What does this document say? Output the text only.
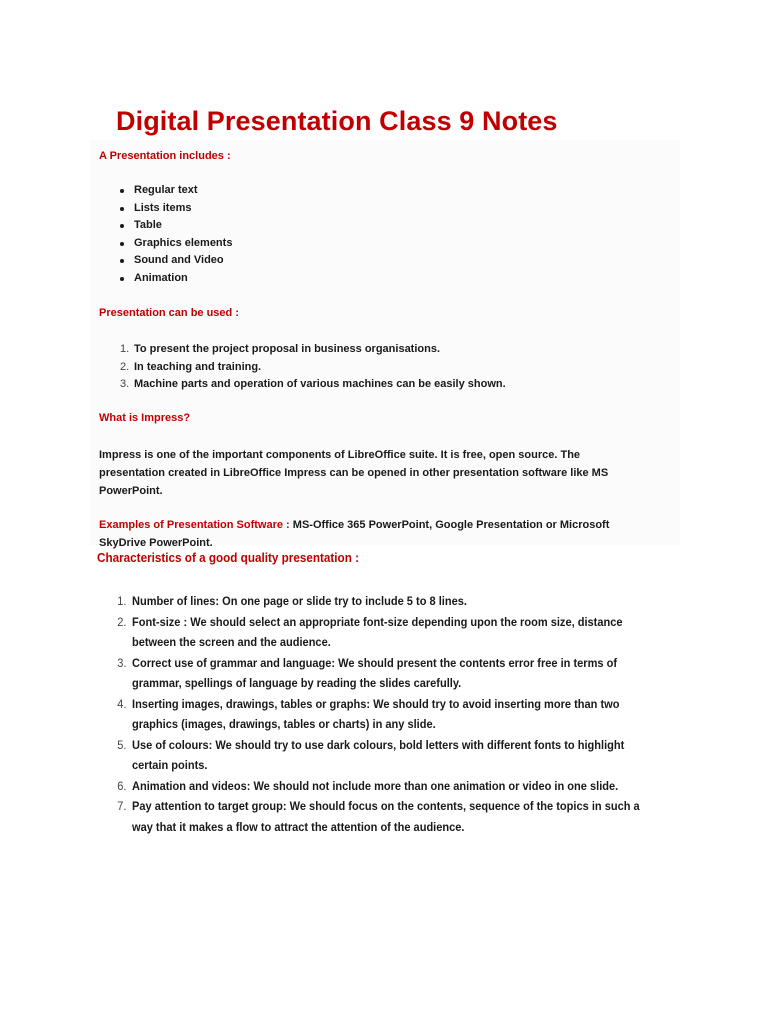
Digital Presentation Class 9 Notes
A Presentation includes :
Regular text
Lists items
Table
Graphics elements
Sound and Video
Animation
Presentation can be used :
1. To present the project proposal in business organisations.
2. In teaching and training.
3. Machine parts and operation of various machines can be easily shown.
What is Impress?

Impress is one of the important components of LibreOffice suite. It is free, open source. The
presentation created in LibreOffice Impress can be opened in other presentation software like MS
PowerPoint.

Examples of Presentation Software : MS-Office 365 PowerPoint, Google Presentation or Microsoft
SkyDrive PowerPoint.

Characteristics of a good quality presentation :
1. Number of lines: On one page or slide try to include 5 to 8 lines.
2. Font-size : We should select an appropriate font-size depending upon the room size, distance
between the screen and the audience.
3. Correct use of grammar and language: We should present the contents error free in terms of
grammar, spellings of language by reading the slides carefully.
4. Inserting images, drawings, tables or graphs: We should try to avoid inserting more than two
graphics (images, drawings, tables or charts) in any slide.
5. Use of colours: We should try to use dark colours, bold letters with different fonts to highlight
certain points.
6. Animation and videos: We should not include more than one animation or video in one slide.
7. Pay attention to target group: We should focus on the contents, sequence of the topics in such a
way that it makes a flow to attract the attention of the audience.
